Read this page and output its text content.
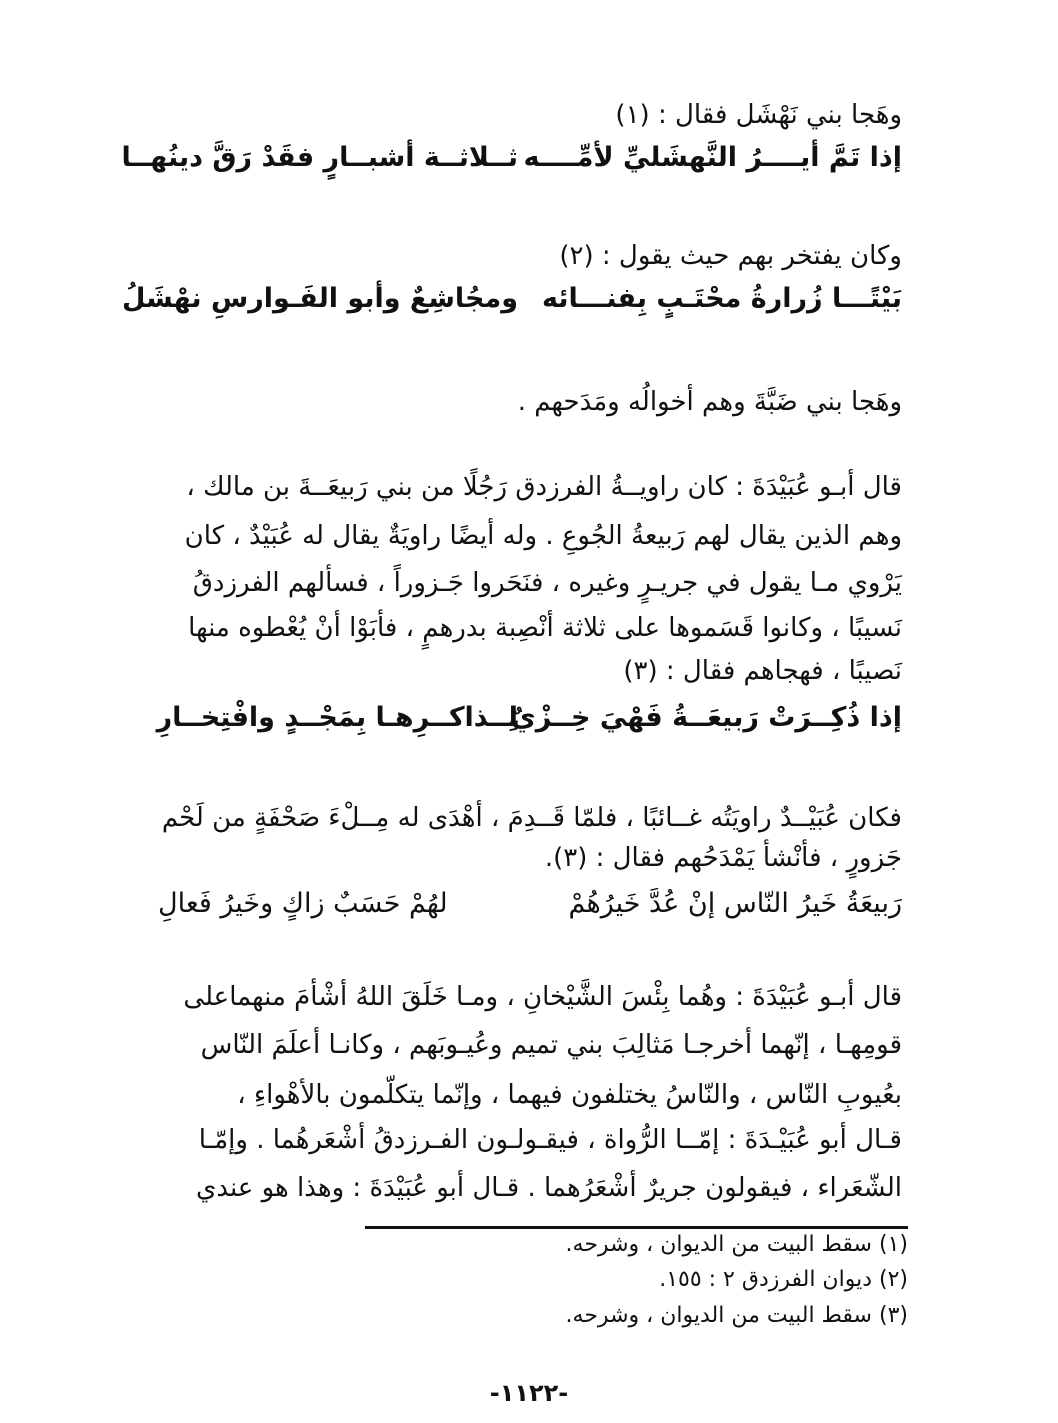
وهَجا بني نَهْشَل فقال : (١)
إذا تَمَّ أيــــرُ النَّهشَليِّ لأمِّــــه
ثــلاثــة أشبــارٍ فقَدْ رَقَّ دينُهــا
وكان يفتخر بهم حيث يقول : (٢)
بَيْتًـــا زُرارةُ محْتَـبٍ بِفنـــائه
ومجُاشِعٌ وأبو الفَـوارسِ نهْشَلُ
وهَجا بني ضَبَّةَ وهم أخوالُه ومَدَحهم .
قال أبـو عُبَيْدَةَ : كان راويــةُ الفرزدق رَجُلًا من بني رَبيعَــةَ بن مالك ،
وهم الذين يقال لهم رَبيعةُ الجُوعِ . وله أيضًا راويَةٌ يقال له عُبَيْدٌ ، كان
يَرْوي مـا يقول في جريـرٍ وغيره ، فنَحَروا جَـزوراً ، فسألهم الفرزدقُ
نَسيبًا ، وكانوا قَسَموها على ثلاثة أنْصِبة بدرهمٍ ، فأبَوْا أنْ يُعْطوه منها
نَصيبًا ، فهجاهم فقال : (٣)
إذا ذُكِــرَتْ رَبيعَــةُ فَهْيَ خِــزْيٌ
لِــذاكــرِهـا بِمَجْــدٍ وافْتِخــارِ
فكان عُبَيْــدٌ راويَتُه غــائبًا ، فلمّا قَــدِمَ ، أهْدَى له مِــلْءَ صَحْفَةٍ من لَحْم
جَزورٍ ، فأنْشأ يَمْدَحُهم فقال : (٣).
رَبيعَةُ خَيرُ النّاس إنْ عُدَّ خَيرُهُمْ
لهُمْ حَسَبٌ زاكٍ وخَيرُ فَعالِ
قال أبـو عُبَيْدَةَ : وهُما بِئْسَ الشَّيْخانِ ، ومـا خَلَقَ اللهُ أشْأمَ منهماعلى
قومِهـا ، إنّهما أخرجـا مَثالِبَ بني تميم وعُيـوبَهم ، وكانـا أعلَمَ النّاس
بعُيوبِ النّاس ، والنّاسُ يختلفون فيهما ، وإنّما يتكلّمون بالأهْواءِ ،
قـال أبو عُبَيْـدَةَ : إمّــا الرُّواة ، فيقـولـون الفـرزدقُ أشْعَرهُما . وإمّـا
الشّعَراء ، فيقولون جريرٌ أشْعَرُهما . قـال أبو عُبَيْدَةَ : وهذا هو عندي
(١) سقط البيت من الديوان ، وشرحه.
(٢) ديوان الفرزدق ٢ : ١٥٥.
(٣) سقط البيت من الديوان ، وشرحه.
-١١٢٢-
